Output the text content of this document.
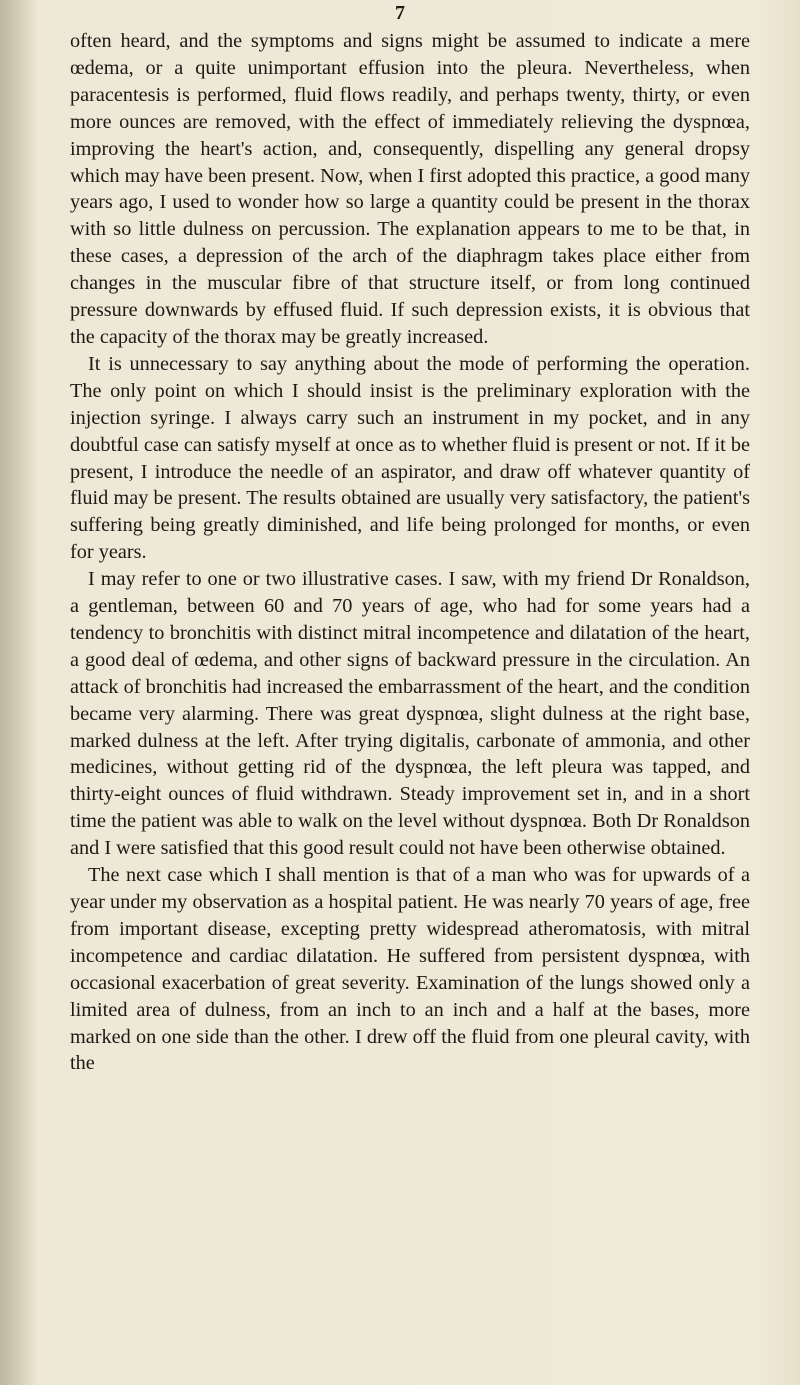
7

often heard, and the symptoms and signs might be assumed to indicate a mere œdema, or a quite unimportant effusion into the pleura. Nevertheless, when paracentesis is performed, fluid flows readily, and perhaps twenty, thirty, or even more ounces are removed, with the effect of immediately relieving the dyspnœa, improving the heart's action, and, consequently, dispelling any general dropsy which may have been present. Now, when I first adopted this practice, a good many years ago, I used to wonder how so large a quantity could be present in the thorax with so little dulness on percussion. The explanation appears to me to be that, in these cases, a depression of the arch of the diaphragm takes place either from changes in the muscular fibre of that structure itself, or from long continued pressure downwards by effused fluid. If such depression exists, it is obvious that the capacity of the thorax may be greatly increased.

It is unnecessary to say anything about the mode of performing the operation. The only point on which I should insist is the preliminary exploration with the injection syringe. I always carry such an instrument in my pocket, and in any doubtful case can satisfy myself at once as to whether fluid is present or not. If it be present, I introduce the needle of an aspirator, and draw off whatever quantity of fluid may be present. The results obtained are usually very satisfactory, the patient's suffering being greatly diminished, and life being prolonged for months, or even for years.

I may refer to one or two illustrative cases. I saw, with my friend Dr Ronaldson, a gentleman, between 60 and 70 years of age, who had for some years had a tendency to bronchitis with distinct mitral incompetence and dilatation of the heart, a good deal of œdema, and other signs of backward pressure in the circulation. An attack of bronchitis had increased the embarrassment of the heart, and the condition became very alarming. There was great dyspnœa, slight dulness at the right base, marked dulness at the left. After trying digitalis, carbonate of ammonia, and other medicines, without getting rid of the dyspnœa, the left pleura was tapped, and thirty-eight ounces of fluid withdrawn. Steady improvement set in, and in a short time the patient was able to walk on the level without dyspnœa. Both Dr Ronaldson and I were satisfied that this good result could not have been otherwise obtained.

The next case which I shall mention is that of a man who was for upwards of a year under my observation as a hospital patient. He was nearly 70 years of age, free from important disease, excepting pretty widespread atheromatosis, with mitral incompetence and cardiac dilatation. He suffered from persistent dyspnœa, with occasional exacerbation of great severity. Examination of the lungs showed only a limited area of dulness, from an inch to an inch and a half at the bases, more marked on one side than the other. I drew off the fluid from one pleural cavity, with the
